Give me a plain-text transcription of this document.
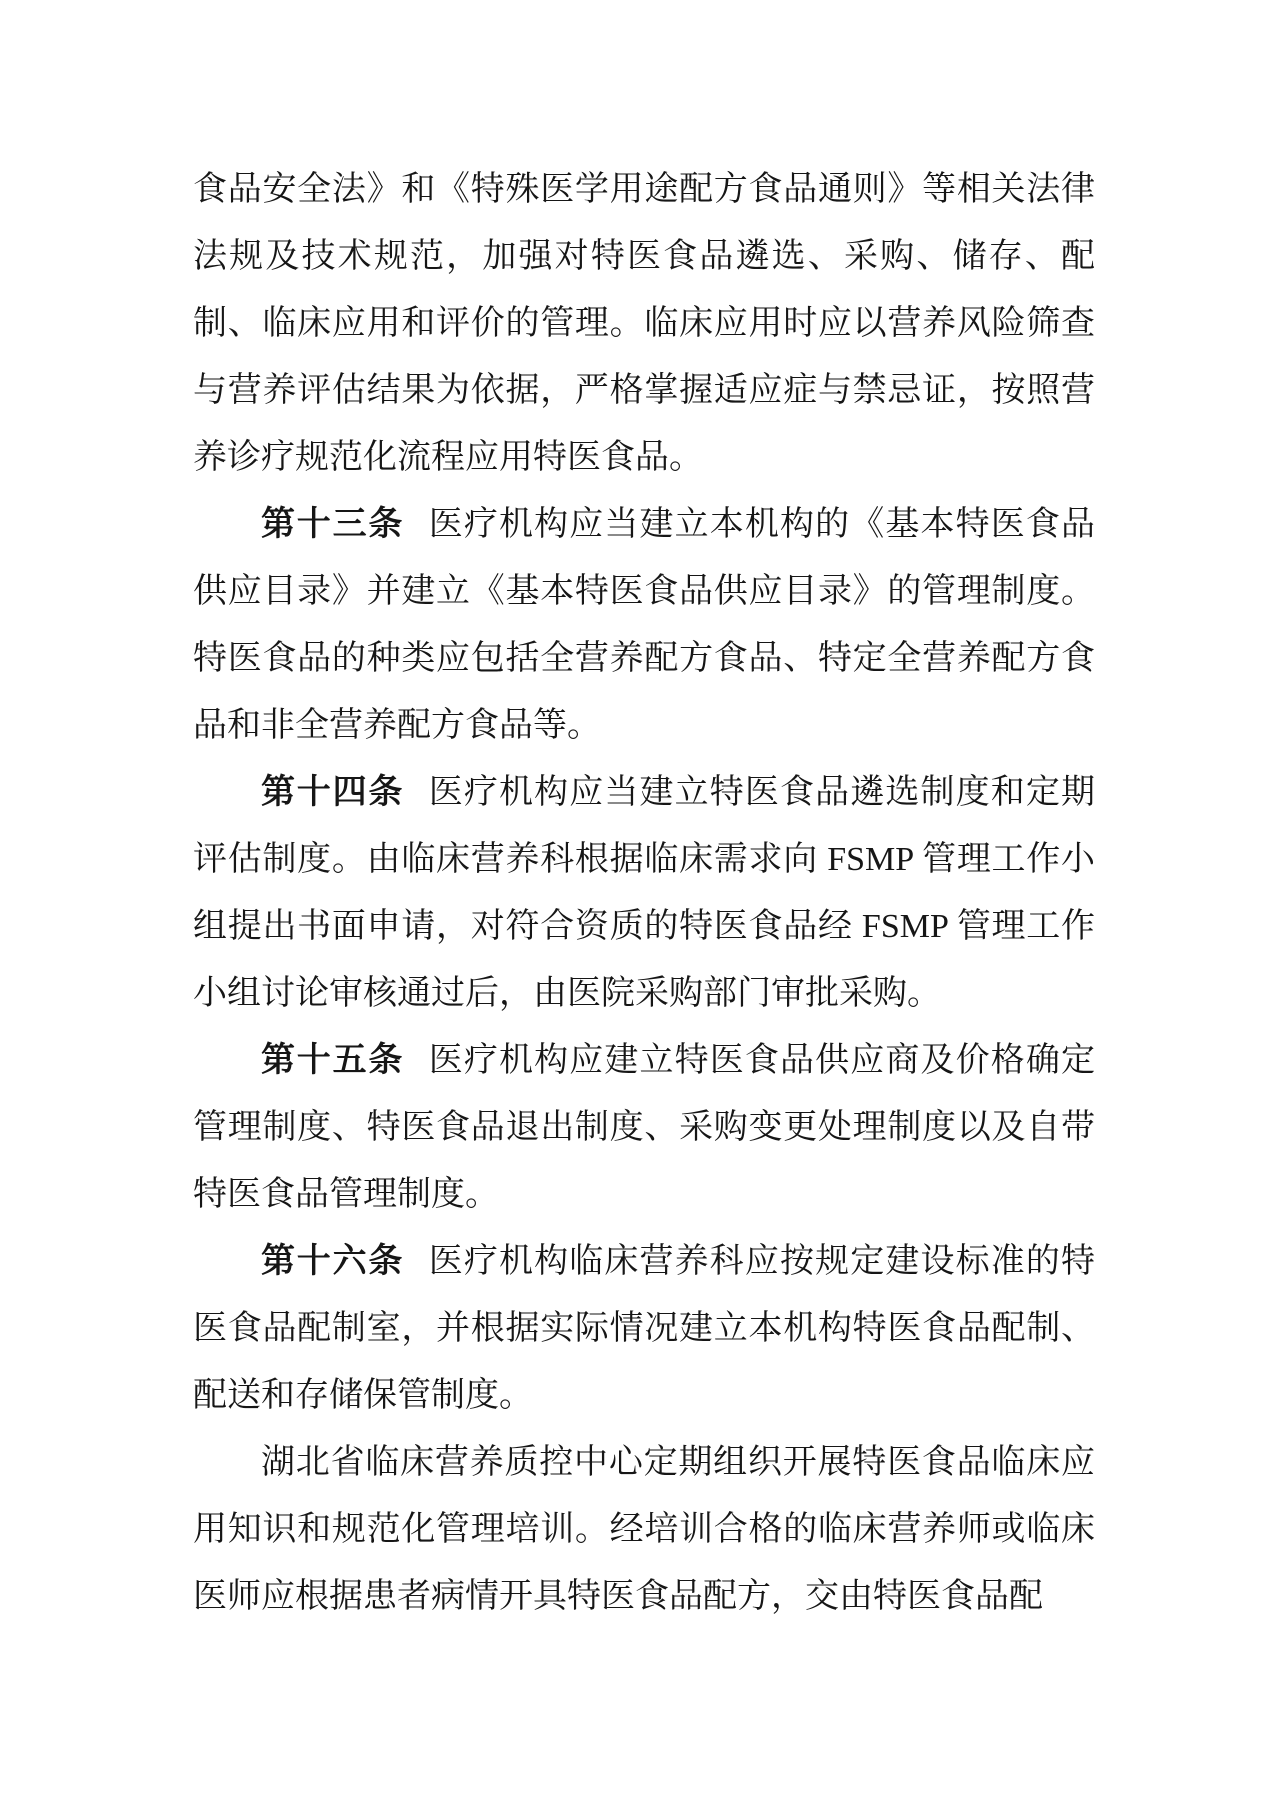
食品安全法》和《特殊医学用途配方食品通则》等相关法律法规及技术规范，加强对特医食品遴选、采购、储存、配制、临床应用和评价的管理。临床应用时应以营养风险筛查与营养评估结果为依据，严格掌握适应症与禁忌证，按照营养诊疗规范化流程应用特医食品。

第十三条 医疗机构应当建立本机构的《基本特医食品供应目录》并建立《基本特医食品供应目录》的管理制度。特医食品的种类应包括全营养配方食品、特定全营养配方食品和非全营养配方食品等。

第十四条 医疗机构应当建立特医食品遴选制度和定期评估制度。由临床营养科根据临床需求向 FSMP 管理工作小组提出书面申请，对符合资质的特医食品经 FSMP 管理工作小组讨论审核通过后，由医院采购部门审批采购。

第十五条 医疗机构应建立特医食品供应商及价格确定管理制度、特医食品退出制度、采购变更处理制度以及自带特医食品管理制度。

第十六条 医疗机构临床营养科应按规定建设标准的特医食品配制室，并根据实际情况建立本机构特医食品配制、配送和存储保管制度。

湖北省临床营养质控中心定期组织开展特医食品临床应用知识和规范化管理培训。经培训合格的临床营养师或临床医师应根据患者病情开具特医食品配方，交由特医食品配
